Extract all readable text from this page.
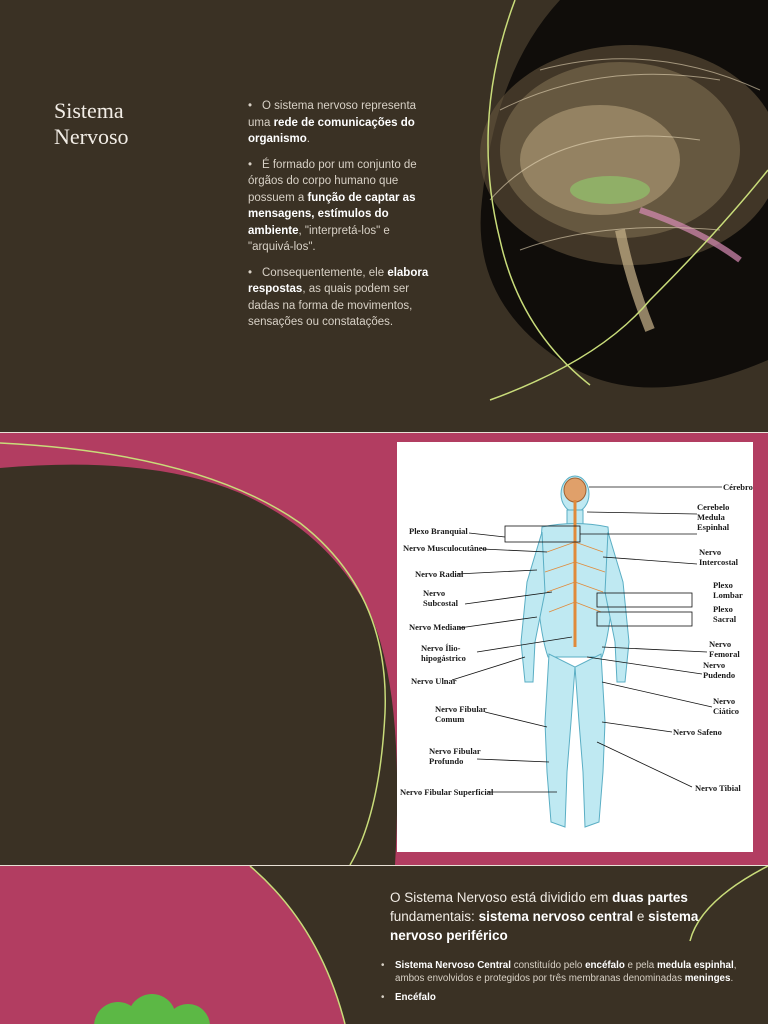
Sistema
Nervoso
• O sistema nervoso representa uma rede de comunicações do organismo.
• É formado por um conjunto de órgãos do corpo humano que possuem a função de captar as mensagens, estímulos do ambiente, "interpretá-los" e "arquivá-los".
• Consequentemente, ele elabora respostas, as quais podem ser dadas na forma de movimentos, sensações ou constatações.
Plexo Branquial
Nervo Musculocutâneo
Nervo Radial
Nervo
Subcostal
Nervo Mediano
Nervo Ílio-
hipogástrico
Nervo Ulnar
Nervo Fibular
Comum
Nervo Fibular
Profundo
Nervo Fibular Superficial
Cérebro
Cerebelo
Medula
Espinhal
Nervo
Intercostal
Plexo
Lombar
Plexo
Sacral
Nervo
Femoral
Nervo
Pudendo
Nervo
Ciático
Nervo Safeno
Nervo Tibial
O Sistema Nervoso está dividido em duas partes fundamentais: sistema nervoso central e sistema nervoso periférico
• Sistema Nervoso Central constituído pelo encéfalo e pela medula espinhal, ambos envolvidos e protegidos por três membranas denominadas meninges.
• Encéfalo
